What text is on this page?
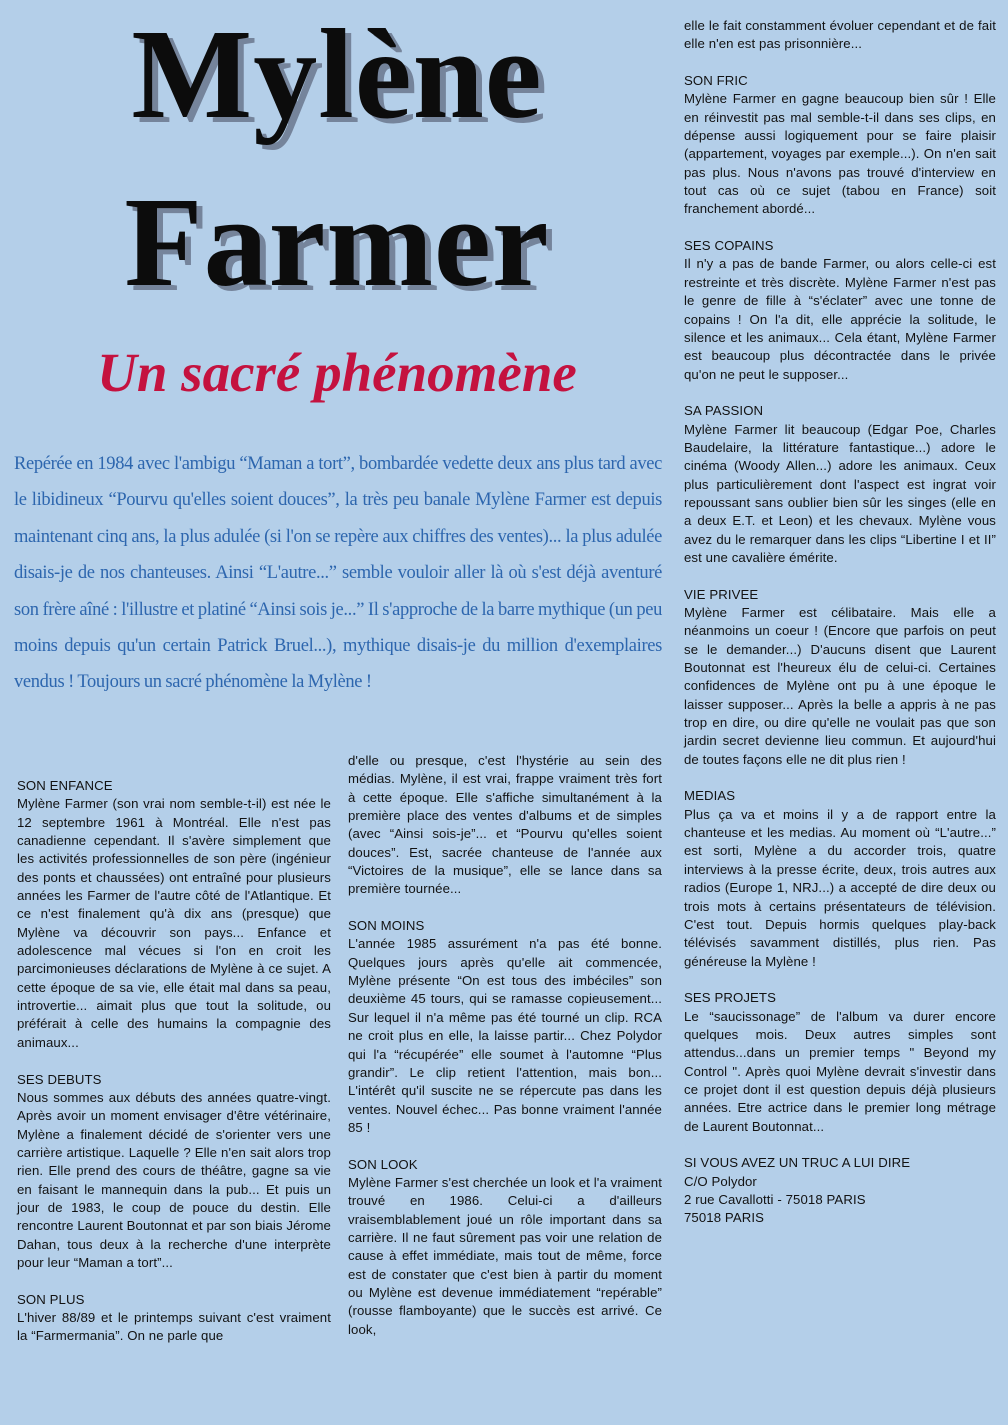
Mylène
Farmer
Un sacré phénomène

Repérée en 1984 avec l'ambigu “Maman a tort”, bombardée vedette deux ans plus tard avec le libidineux “Pourvu qu'elles soient douces”, la très peu banale Mylène Farmer est depuis maintenant cinq ans, la plus adulée (si l'on se repère aux chiffres des ventes)... la plus adulée disais-je de nos chanteuses. Ainsi “L'autre...” semble vouloir aller là où s'est déjà aventuré son frère aîné : l'illustre et platiné “Ainsi sois je...” Il s'approche de la barre mythique (un peu moins depuis qu'un certain Patrick Bruel...), mythique disais-je du million d'exemplaires vendus ! Toujours un sacré phénomène la Mylène !

SON ENFANCE

Mylène Farmer (son vrai nom semble-t-il) est née le 12 septembre 1961 à Montréal. Elle n'est pas canadienne cependant. Il s'avère simplement que les activités professionnelles de son père (ingénieur des ponts et chaussées) ont entraîné pour plusieurs années les Farmer de l'autre côté de l'Atlantique. Et ce n'est finalement qu'à dix ans (presque) que Mylène va découvrir son pays... Enfance et adolescence mal vécues si l'on en croit les parcimonieuses déclarations de Mylène à ce sujet. A cette époque de sa vie, elle était mal dans sa peau, introvertie... aimait plus que tout la solitude, ou préférait à celle des humains la compagnie des animaux...

SES DEBUTS

Nous sommes aux débuts des années quatre-vingt. Après avoir un moment envisager d'être vétérinaire, Mylène a finalement décidé de s'orienter vers une carrière artistique. Laquelle ? Elle n'en sait alors trop rien. Elle prend des cours de théâtre, gagne sa vie en faisant le mannequin dans la pub... Et puis un jour de 1983, le coup de pouce du destin. Elle rencontre Laurent Boutonnat et par son biais Jérome Dahan, tous deux à la recherche d'une interprète pour leur “Maman a tort”...

SON PLUS

L'hiver 88/89 et le printemps suivant c'est vraiment la “Farmermania”. On ne parle que

d'elle ou presque, c'est l'hystérie au sein des médias. Mylène, il est vrai, frappe vraiment très fort à cette époque. Elle s'affiche simultanément à la première place des ventes d'albums et de simples (avec “Ainsi sois-je”... et “Pourvu qu'elles soient douces”. Est, sacrée chanteuse de l'année aux “Victoires de la musique”, elle se lance dans sa première tournée...

SON MOINS

L'année 1985 assurément n'a pas été bonne. Quelques jours après qu'elle ait commencée, Mylène présente “On est tous des imbéciles” son deuxième 45 tours, qui se ramasse copieusement... Sur lequel il n'a même pas été tourné un clip. RCA ne croit plus en elle, la laisse partir... Chez Polydor qui l'a “récupérée” elle soumet à l'automne “Plus grandir”. Le clip retient l'attention, mais bon... L'intérêt qu'il suscite ne se répercute pas dans les ventes. Nouvel échec... Pas bonne vraiment l'année 85 !

SON LOOK

Mylène Farmer s'est cherchée un look et l'a vraiment trouvé en 1986. Celui-ci a d'ailleurs vraisemblablement joué un rôle important dans sa carrière. Il ne faut sûrement pas voir une relation de cause à effet immédiate, mais tout de même, force est de constater que c'est bien à partir du moment ou Mylène est devenue immédiatement “repérable” (rousse flamboyante) que le succès est arrivé. Ce look,

elle le fait constamment évoluer cependant et de fait elle n'en est pas prisonnière...

SON FRIC

Mylène Farmer en gagne beaucoup bien sûr ! Elle en réinvestit pas mal semble-t-il dans ses clips, en dépense aussi logiquement pour se faire plaisir (appartement, voyages par exemple...). On n'en sait pas plus. Nous n'avons pas trouvé d'interview en tout cas où ce sujet (tabou en France) soit franchement abordé...

SES COPAINS

Il n'y a pas de bande Farmer, ou alors celle-ci est restreinte et très discrète. Mylène Farmer n'est pas le genre de fille à “s'éclater” avec une tonne de copains ! On l'a dit, elle apprécie la solitude, le silence et les animaux... Cela étant, Mylène Farmer est beaucoup plus décontractée dans le privée qu'on ne peut le supposer...

SA PASSION

Mylène Farmer lit beaucoup (Edgar Poe, Charles Baudelaire, la littérature fantastique...) adore le cinéma (Woody Allen...) adore les animaux. Ceux plus particulièrement dont l'aspect est ingrat voir repoussant sans oublier bien sûr les singes (elle en a deux E.T. et Leon) et les chevaux. Mylène vous avez du le remarquer dans les clips “Libertine I et II” est une cavalière émérite.

VIE PRIVEE

Mylène Farmer est célibataire. Mais elle a néanmoins un coeur ! (Encore que parfois on peut se le demander...) D'aucuns disent que Laurent Boutonnat est l'heureux élu de celui-ci. Certaines confidences de Mylène ont pu à une époque le laisser supposer... Après la belle a appris à ne pas trop en dire, ou dire qu'elle ne voulait pas que son jardin secret devienne lieu commun. Et aujourd'hui de toutes façons elle ne dit plus rien !

MEDIAS

Plus ça va et moins il y a de rapport entre la chanteuse et les medias. Au moment où “L'autre...” est sorti, Mylène a du accorder trois, quatre interviews à la presse écrite, deux, trois autres aux radios (Europe 1, NRJ...) a accepté de dire deux ou trois mots à certains présentateurs de télévision. C'est tout. Depuis hormis quelques play-back télévisés savamment distillés, plus rien. Pas généreuse la Mylène !

SES PROJETS

Le “saucissonage” de l'album va durer encore quelques mois. Deux autres simples sont attendus...dans un premier temps " Beyond my Control ". Après quoi Mylène devrait s'investir dans ce projet dont il est question depuis déjà plusieurs années. Etre actrice dans le premier long métrage de Laurent Boutonnat...

SI VOUS AVEZ UN TRUC A LUI DIRE

C/O Polydor

2 rue Cavallotti - 75018 PARIS

75018 PARIS
